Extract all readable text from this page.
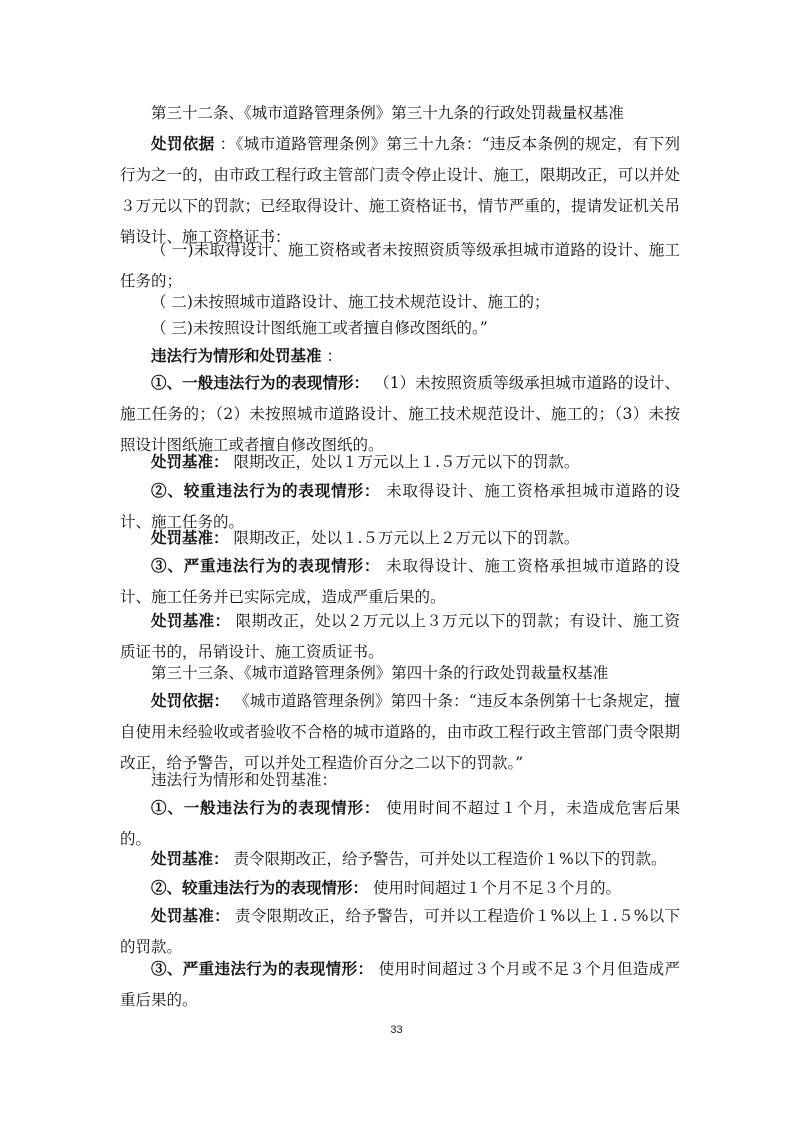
第三十二条、《城市道路管理条例》第三十九条的行政处罚裁量权基准

处罚依据 ：《城市道路管理条例》第三十九条：“违反本条例的规定，有下列行为之一的，由市政工程行政主管部门责令停止设计、施工，限期改正，可以并处３万元以下的罚款；已经取得设计、施工资格证书，情节严重的，提请发证机关吊销设计、施工资格证书：

（ 一)未取得设计、施工资格或者未按照资质等级承担城市道路的设计、施工任务的；

（ 二)未按照城市道路设计、施工技术规范设计、施工的；

（ 三)未按照设计图纸施工或者擅自修改图纸的。”

违法行为情形和处罚基准 ：

①、一般违法行为的表现情形： （1）未按照资质等级承担城市道路的设计、施工任务的；（2）未按照城市道路设计、施工技术规范设计、施工的；（3）未按照设计图纸施工或者擅自修改图纸的。

处罚基准： 限期改正，处以１万元以上１.５万元以下的罚款。

②、较重违法行为的表现情形： 未取得设计、施工资格承担城市道路的设计、施工任务的。

处罚基准： 限期改正，处以１.５万元以上２万元以下的罚款。

③、严重违法行为的表现情形： 未取得设计、施工资格承担城市道路的设计、施工任务并已实际完成，造成严重后果的。

处罚基准： 限期改正，处以２万元以上３万元以下的罚款；有设计、施工资质证书的，吊销设计、施工资质证书。

第三十三条、《城市道路管理条例》第四十条的行政处罚裁量权基准

处罚依据： 《城市道路管理条例》第四十条：“违反本条例第十七条规定，擅自使用未经验收或者验收不合格的城市道路的，由市政工程行政主管部门责令限期改正，给予警告，可以并处工程造价百分之二以下的罚款。”

违法行为情形和处罚基准：

①、一般违法行为的表现情形： 使用时间不超过１个月，未造成危害后果的。

处罚基准： 责令限期改正，给予警告，可并处以工程造价１%以下的罚款。

②、较重违法行为的表现情形： 使用时间超过１个月不足３个月的。

处罚基准： 责令限期改正，给予警告，可并以工程造价１%以上１.５%以下的罚款。

③、严重违法行为的表现情形： 使用时间超过３个月或不足３个月但造成严重后果的。

33
